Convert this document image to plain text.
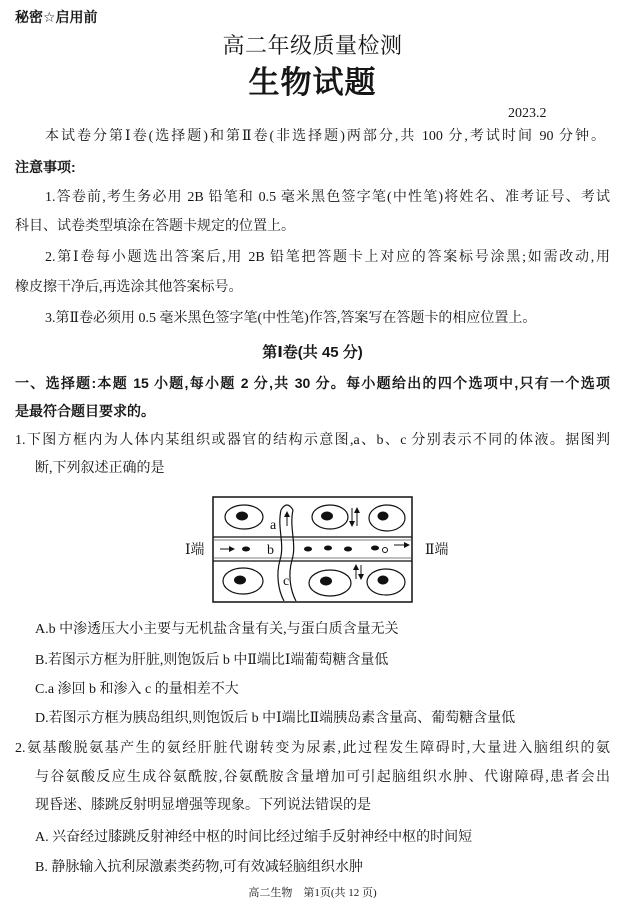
秘密☆启用前
高二年级质量检测
生物试题
2023.2
本试卷分第Ⅰ卷(选择题)和第Ⅱ卷(非选择题)两部分,共 100 分,考试时间 90 分钟。
注意事项:
1.答卷前,考生务必用 2B 铅笔和 0.5 毫米黑色签字笔(中性笔)将姓名、准考证号、考试
科目、试卷类型填涂在答题卡规定的位置上。
2.第Ⅰ卷每小题选出答案后,用 2B 铅笔把答题卡上对应的答案标号涂黑;如需改动,用
橡皮擦干净后,再选涂其他答案标号。
3.第Ⅱ卷必须用 0.5 毫米黑色签字笔(中性笔)作答,答案写在答题卡的相应位置上。
第Ⅰ卷(共 45 分)
一、选择题:本题 15 小题,每小题 2 分,共 30 分。每小题给出的四个选项中,只有一个选项
是最符合题目要求的。
1.下图方框内为人体内某组织或器官的结构示意图,a、b、c 分别表示不同的体液。据图判
断,下列叙述正确的是
a
b
c
Ⅰ端	Ⅱ端
A.b 中渗透压大小主要与无机盐含量有关,与蛋白质含量无关
B.若图示方框为肝脏,则饱饭后 b 中Ⅱ端比Ⅰ端葡萄糖含量低
C.a 渗回 b 和渗入 c 的量相差不大
D.若图示方框为胰岛组织,则饱饭后 b 中Ⅰ端比Ⅱ端胰岛素含量高、葡萄糖含量低
2.氨基酸脱氨基产生的氨经肝脏代谢转变为尿素,此过程发生障碍时,大量进入脑组织的氨
与谷氨酸反应生成谷氨酰胺,谷氨酰胺含量增加可引起脑组织水肿、代谢障碍,患者会出
现昏迷、膝跳反射明显增强等现象。下列说法错误的是
A. 兴奋经过膝跳反射神经中枢的时间比经过缩手反射神经中枢的时间短
B. 静脉输入抗利尿激素类药物,可有效减轻脑组织水肿
高二生物　第1页(共 12 页)
